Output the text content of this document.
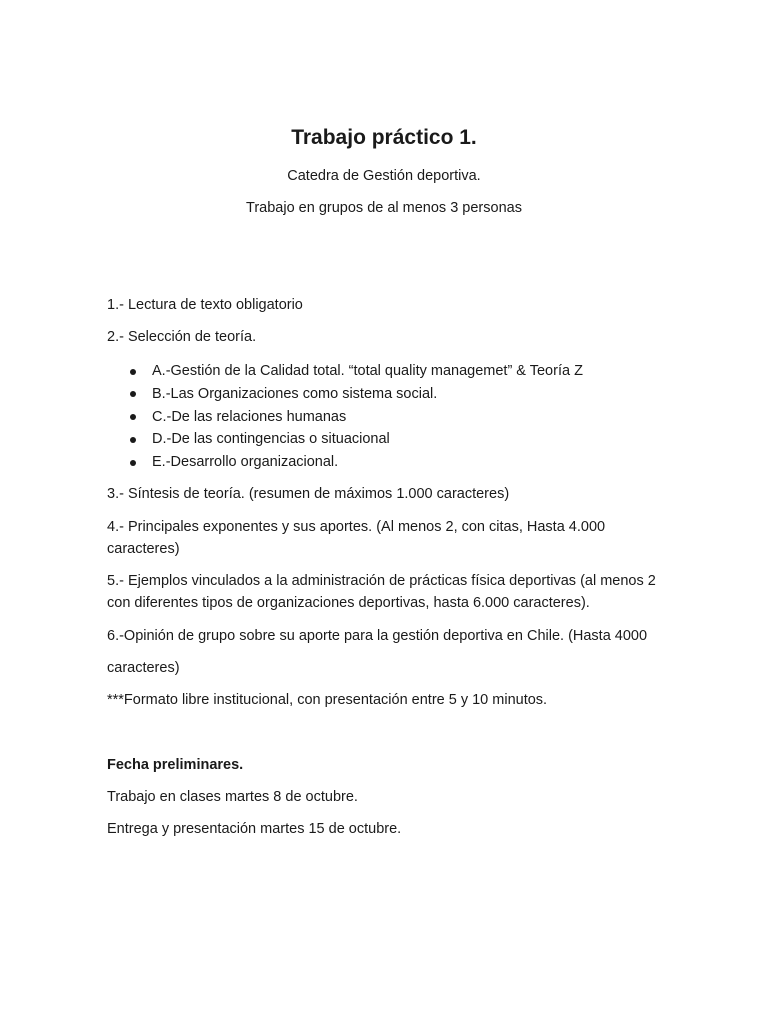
Trabajo práctico 1.

Catedra de Gestión deportiva.

Trabajo en grupos de al menos 3 personas

1.- Lectura de texto obligatorio

2.- Selección de teoría.

A.-Gestión de la Calidad total. “total quality managemet” & Teoría Z
B.-Las Organizaciones como sistema social.
C.-De las relaciones humanas
D.-De las contingencias o situacional
E.-Desarrollo organizacional.

3.- Síntesis de teoría. (resumen de máximos 1.000 caracteres)

4.- Principales exponentes y sus aportes. (Al menos 2, con citas, Hasta 4.000

caracteres)

5.- Ejemplos vinculados a la administración de prácticas física deportivas (al menos 2

con diferentes tipos de organizaciones deportivas, hasta 6.000 caracteres).

6.-Opinión de grupo sobre su aporte para la gestión deportiva en Chile. (Hasta 4000

caracteres)

***Formato libre institucional, con presentación entre 5 y 10 minutos.

Fecha preliminares.

Trabajo en clases martes 8 de octubre.

Entrega y presentación martes 15 de octubre.
